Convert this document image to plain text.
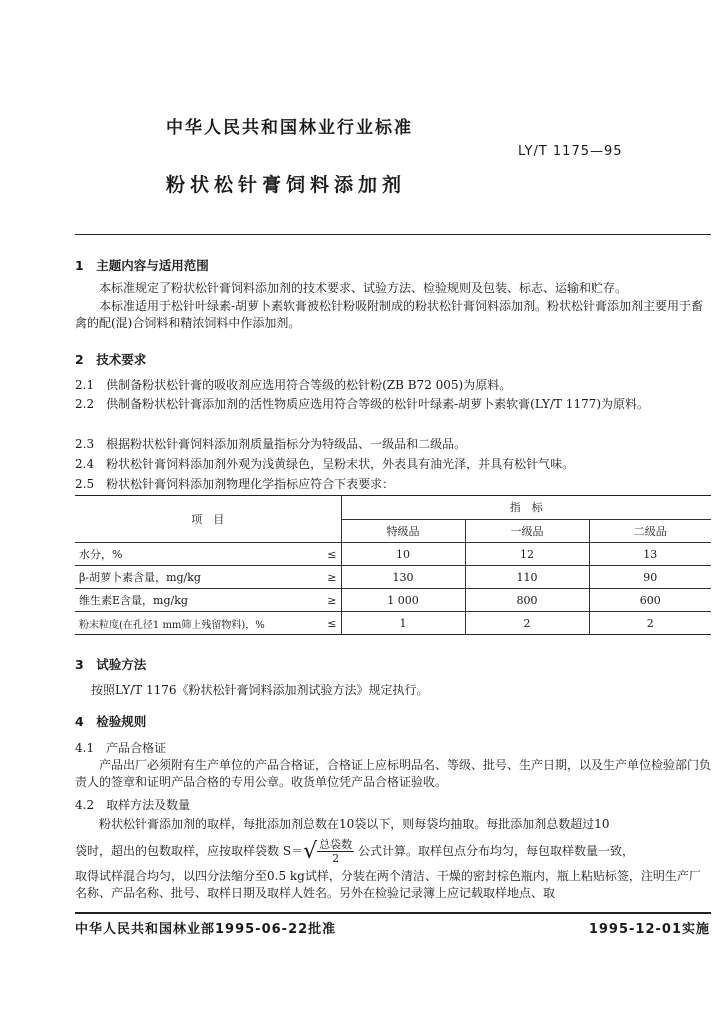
中华人民共和国林业行业标准
LY/T 1175—95
粉状松针膏饲料添加剂
1　主题内容与适用范围
本标准规定了粉状松针膏饲料添加剂的技术要求、试验方法、检验规则及包装、标志、运输和贮存。
本标准适用于松针叶绿素-胡萝卜素软膏被松针粉吸附制成的粉状松针膏饲料添加剂。粉状松针膏添加剂主要用于畜禽的配(混)合饲料和精浓饲料中作添加剂。
2　技术要求
2.1　供制备粉状松针膏的吸收剂应选用符合等级的松针粉(ZB B72 005)为原料。
2.2　供制备粉状松针膏添加剂的活性物质应选用符合等级的松针叶绿素-胡萝卜素软膏(LY/T 1177)为原料。
2.3　根据粉状松针膏饲料添加剂质量指标分为特级品、一级品和二级品。
2.4　粉状松针膏饲料添加剂外观为浅黄绿色，呈粉末状，外表具有油光泽，并具有松针气味。
2.5　粉状松针膏饲料添加剂物理化学指标应符合下表要求：
项　目		指　标		
		特级品	一级品	二级品
水分，%	≤	10	12	13
β-胡萝卜素含量，mg/kg	≥	130	110	90
维生素E含量，mg/kg	≥	1 000	800	600
粉末粒度(在孔径1 mm筛上残留物料)，%	≤	1	2	2
3　试验方法
按照LY/T 1176《粉状松针膏饲料添加剂试验方法》规定执行。
4　检验规则
4.1　产品合格证
产品出厂必须附有生产单位的产品合格证，合格证上应标明品名、等级、批号、生产日期，以及生产单位检验部门负责人的签章和证明产品合格的专用公章。收货单位凭产品合格证验收。
4.2　取样方法及数量
粉状松针膏添加剂的取样，每批添加剂总数在10袋以下，则每袋均抽取。每批添加剂总数超过10
袋时，超出的包数取样，应按取样袋数 $S=√ \frac{\text{总袋数}}{2}$ 公式计算。取样包点分布均匀，每包取样数量一致，
取得试样混合均匀，以四分法缩分至0.5 kg试样，分装在两个清洁、干燥的密封棕色瓶内，瓶上粘贴标签，注明生产厂名称、产品名称、批号、取样日期及取样人姓名。另外在检验记录簿上应记载取样地点、取
中华人民共和国林业部1995-06-22批准	1995-12-01实施
